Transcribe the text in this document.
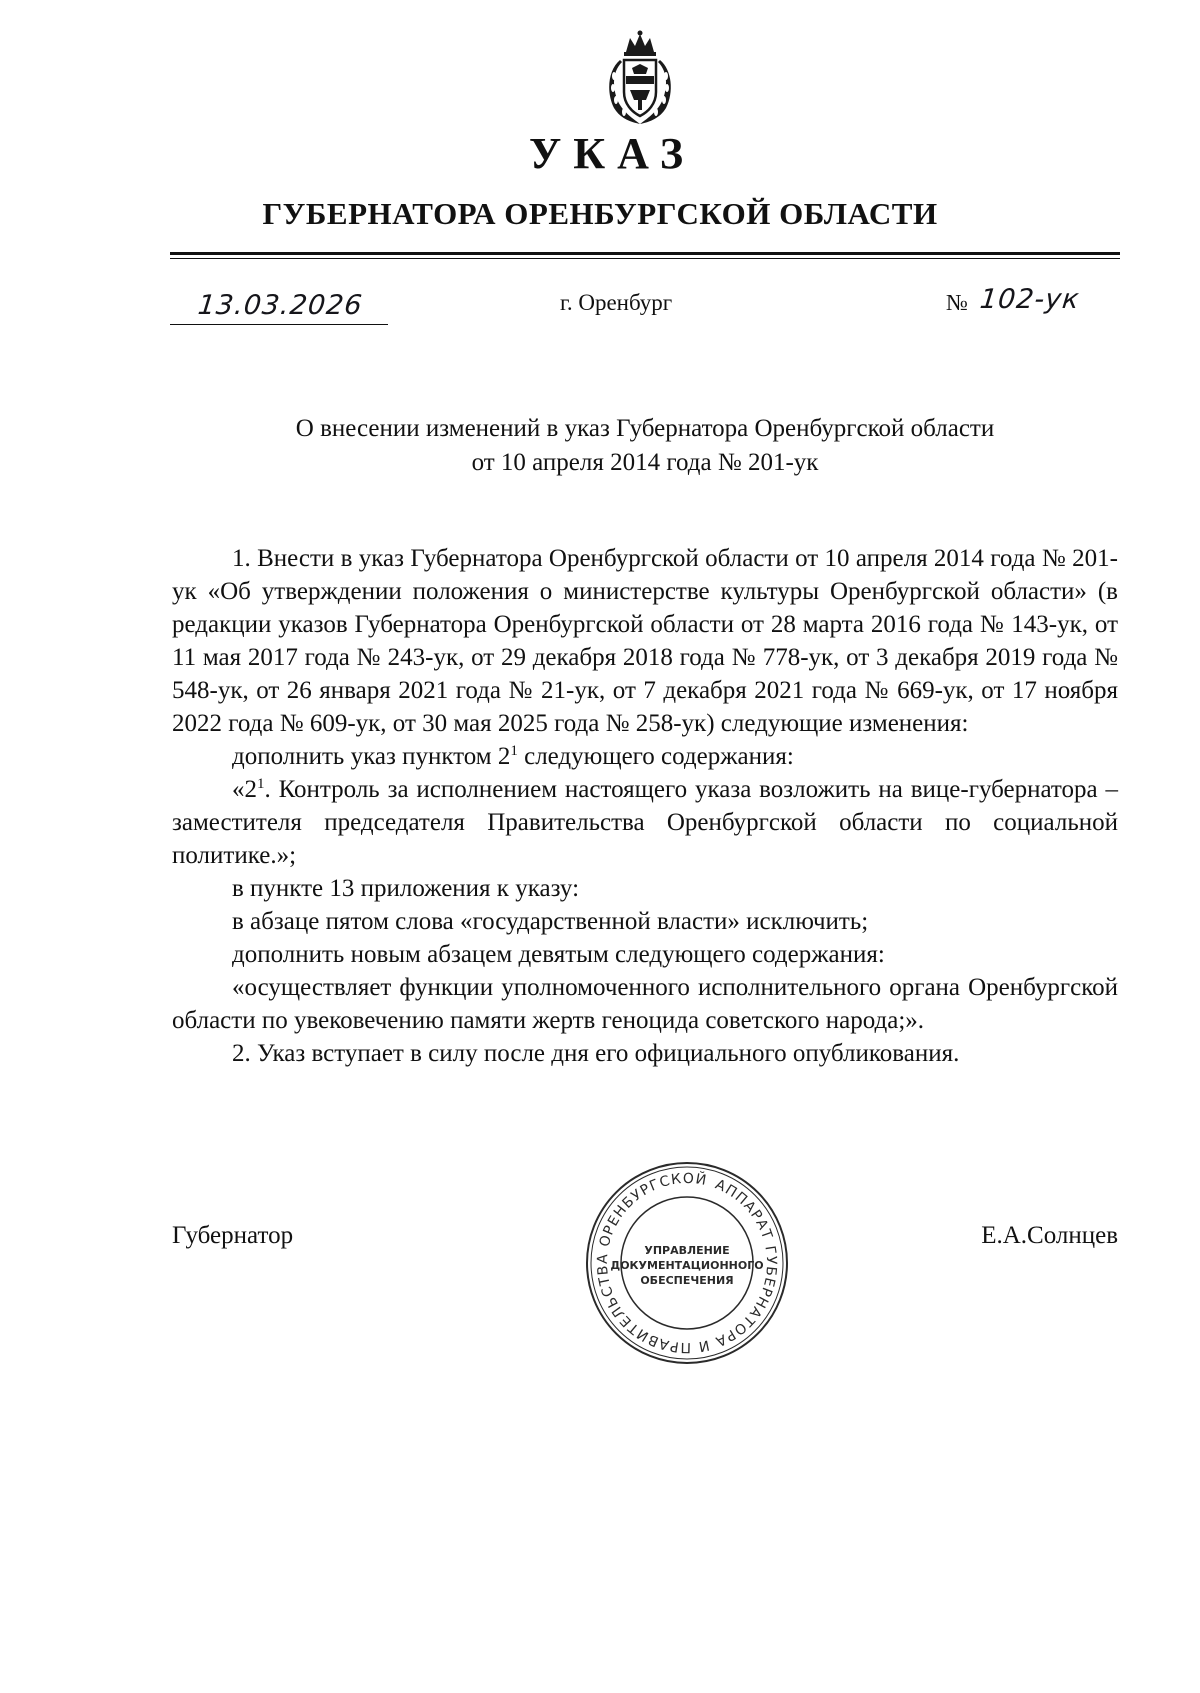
УКАЗ
ГУБЕРНАТОРА ОРЕНБУРГСКОЙ ОБЛАСТИ
13.03.2026	г. Оренбург	№ 102-ук
О внесении изменений в указ Губернатора Оренбургской области
от 10 апреля 2014 года № 201-ук

1. Внести в указ Губернатора Оренбургской области от 10 апреля 2014 года № 201-ук «Об утверждении положения о министерстве культуры Оренбургской области» (в редакции указов Губернатора Оренбургской области от 28 марта 2016 года № 143-ук, от 11 мая 2017 года № 243-ук, от 29 декабря 2018 года № 778-ук, от 3 декабря 2019 года № 548-ук, от 26 января 2021 года № 21-ук, от 7 декабря 2021 года № 669-ук, от 17 ноября 2022 года № 609-ук, от 30 мая 2025 года № 258-ук) следующие изменения:

дополнить указ пунктом $2^1$ следующего содержания:

«$2^1$. Контроль за исполнением настоящего указа возложить на вице-губернатора – заместителя председателя Правительства Оренбургской области по социальной политике.»;

в пункте 13 приложения к указу:

в абзаце пятом слова «государственной власти» исключить;

дополнить новым абзацем девятым следующего содержания:

«осуществляет функции уполномоченного исполнительного органа Оренбургской области по увековечению памяти жертв геноцида советского народа;».

2. Указ вступает в силу после дня его официального опубликования.

Губернатор	Е.А.Солнцев
АППАРАТ ГУБЕРНАТОРА И ПРАВИТЕЛЬСТВА ОРЕНБУРГСКОЙ
УПРАВЛЕНИЕ
ДОКУМЕНТАЦИОННОГО
ОБЕСПЕЧЕНИЯ
